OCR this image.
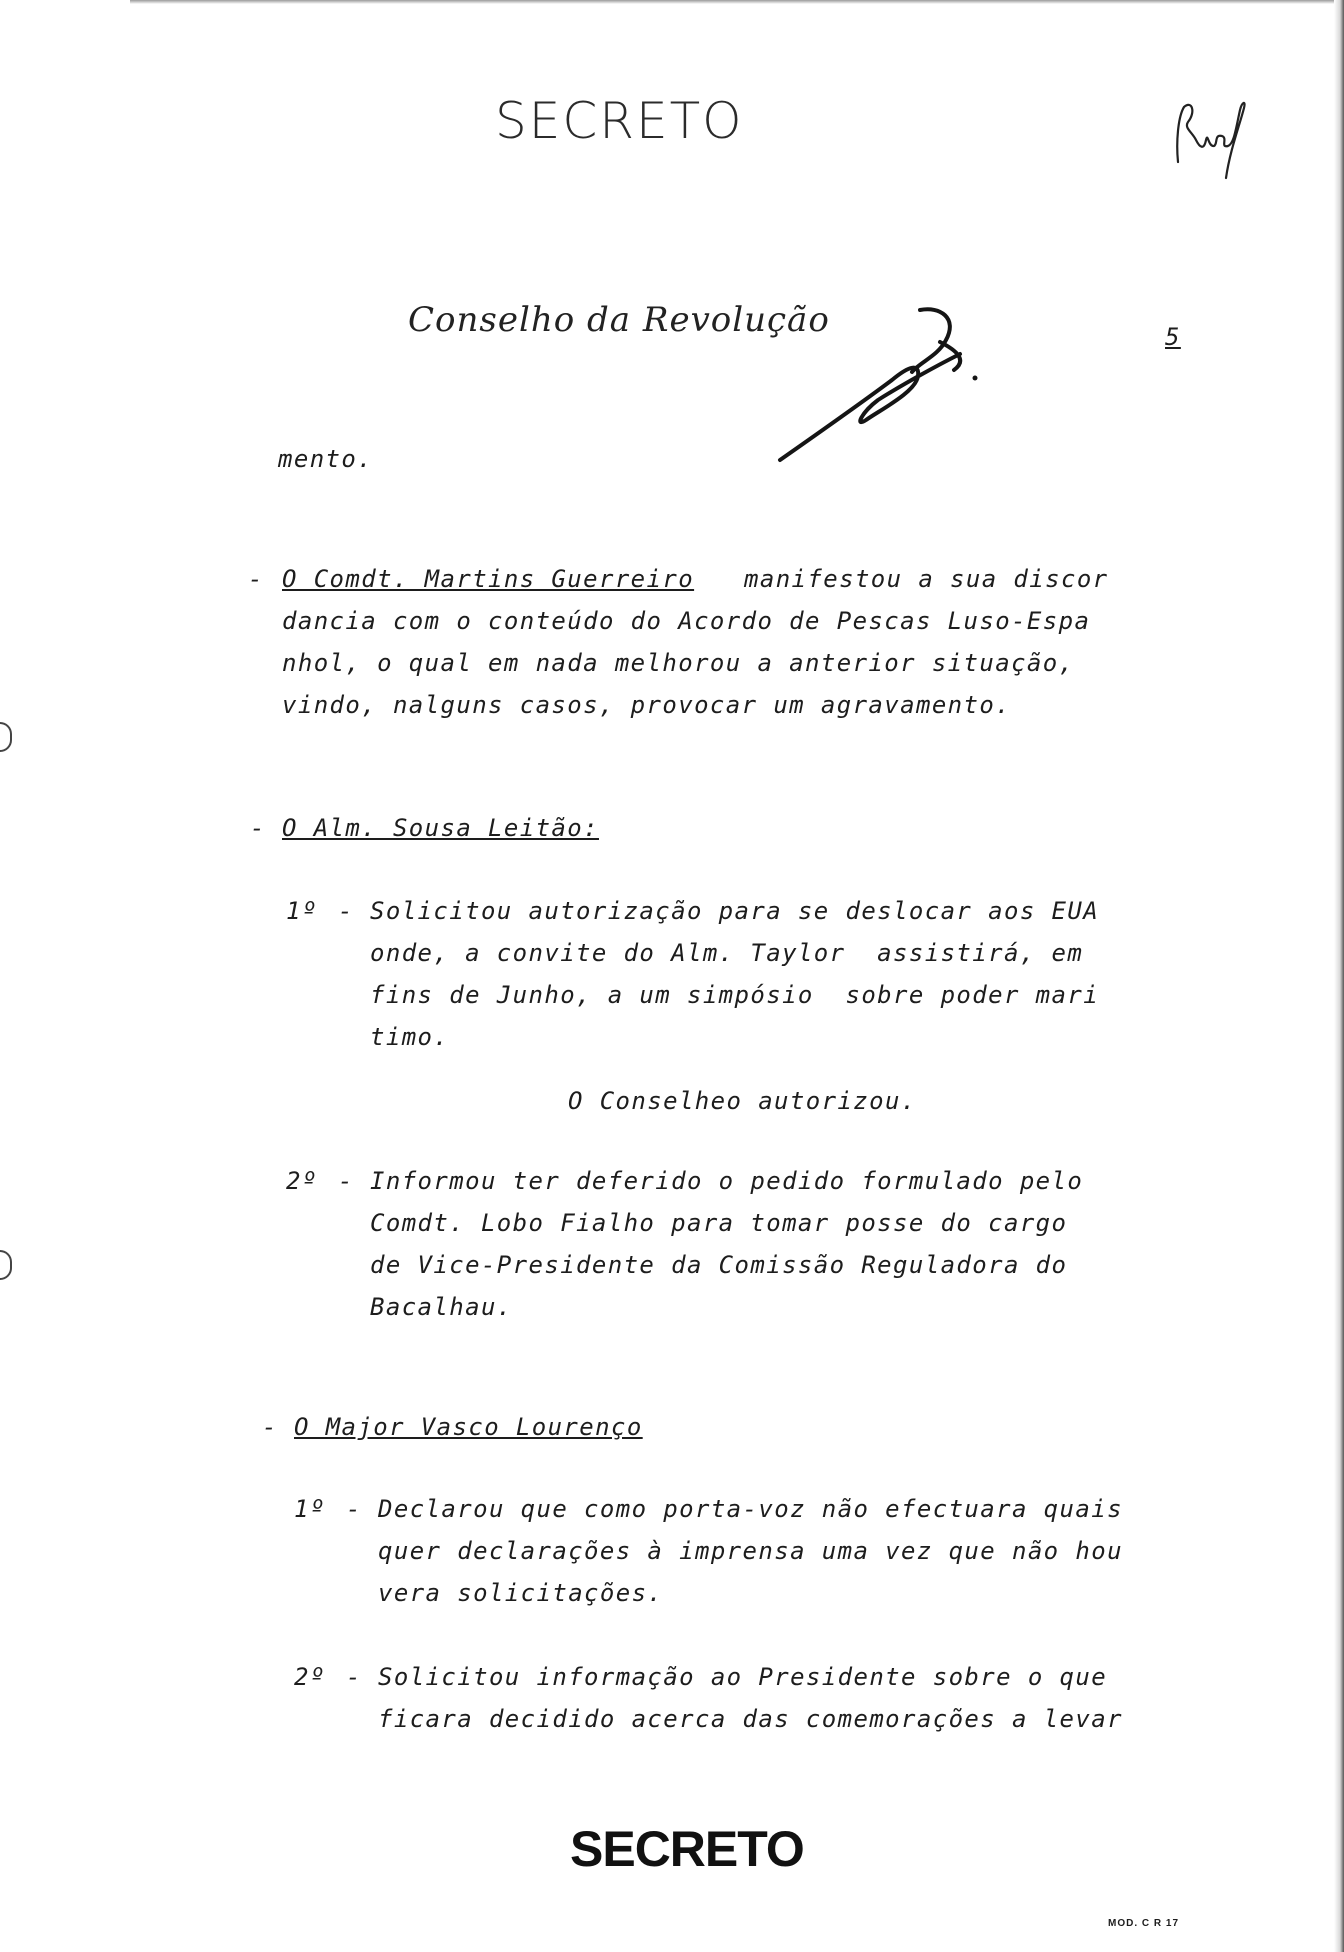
SECRETO
Conselho da Revolução	5
mento.
- O Comdt. Martins Guerreiro manifestou a sua discor
dancia com o conteúdo do Acordo de Pescas Luso-Espa
nhol, o qual em nada melhorou a anterior situação,
vindo, nalguns casos, provocar um agravamento.
- O Alm. Sousa Leitão:
1º - Solicitou autorização para se deslocar aos EUA
onde, a convite do Alm. Taylor  assistirá, em
fins de Junho, a um simpósio  sobre poder mari
timo.
O Conselheo autorizou.
2º - Informou ter deferido o pedido formulado pelo
Comdt. Lobo Fialho para tomar posse do cargo
de Vice-Presidente da Comissão Reguladora do
Bacalhau.
- O Major Vasco Lourenço
1º - Declarou que como porta-voz não efectuara quais
quer declarações à imprensa uma vez que não hou
vera solicitações.
2º - Solicitou informação ao Presidente sobre o que
ficara decidido acerca das comemorações a levar
SECRETO
MOD. C R 17
